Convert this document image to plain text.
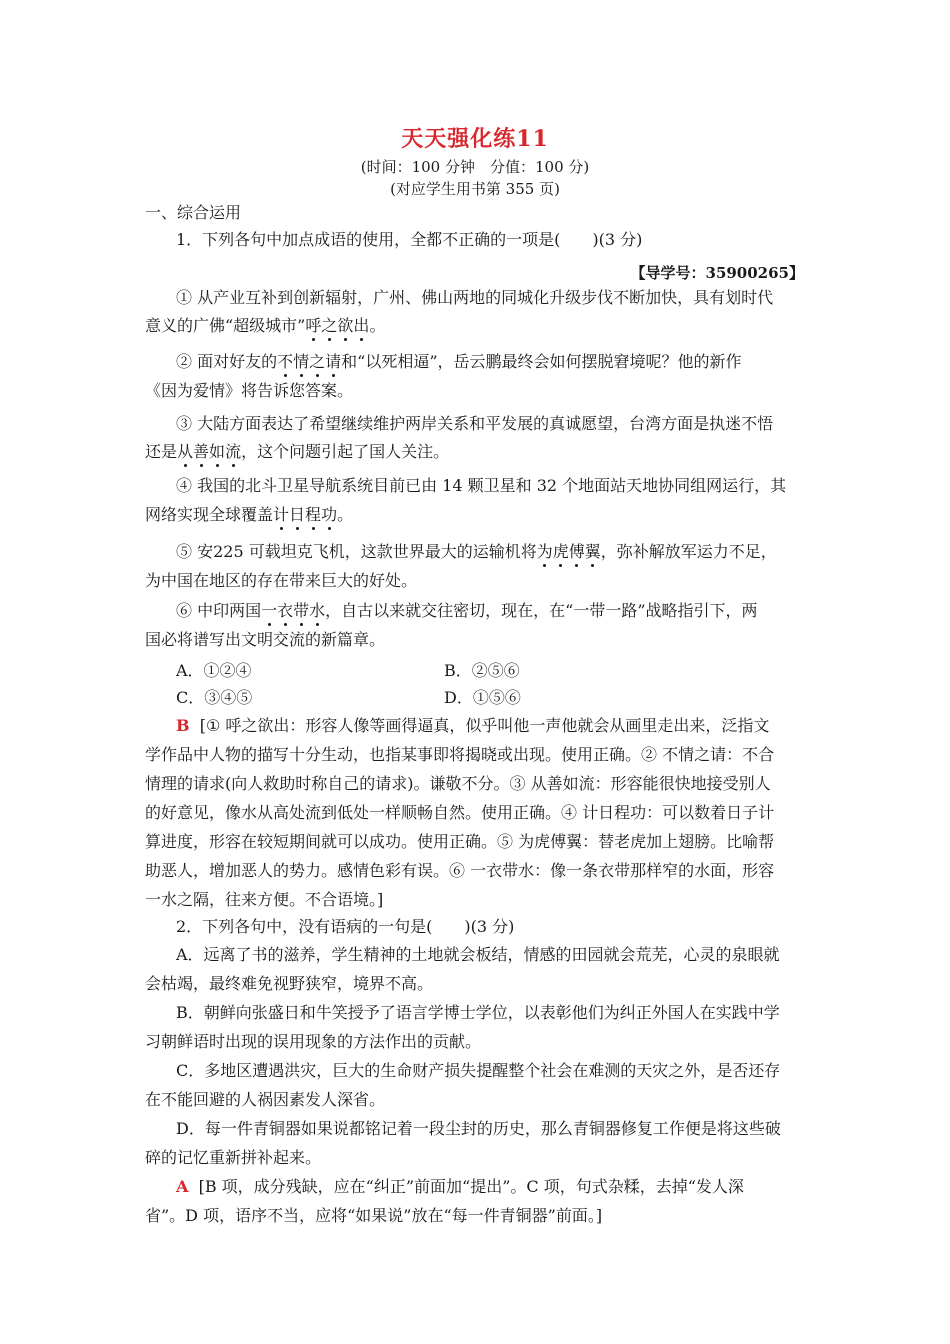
天天强化练11
(时间：100 分钟　分值：100 分)
(对应学生用书第 355 页)
一、综合运用
1．下列各句中加点成语的使用，全都不正确的一项是(　　)(3 分)
【导学号：35900265】
① 从产业互补到创新辐射，广州、佛山两地的同城化升级步伐不断加快，具有划时代
意义的广佛“超级城市”呼之欲出。
② 面对好友的不情之请和“以死相逼”，岳云鹏最终会如何摆脱窘境呢？他的新作
《因为爱情》将告诉您答案。
③ 大陆方面表达了希望继续维护两岸关系和平发展的真诚愿望，台湾方面是执迷不悟
还是从善如流，这个问题引起了国人关注。
④ 我国的北斗卫星导航系统目前已由 14 颗卫星和 32 个地面站天地协同组网运行，其
网络实现全球覆盖计日程功。
⑤ 安225 可载坦克飞机，这款世界最大的运输机将为虎傅翼，弥补解放军运力不足，
为中国在地区的存在带来巨大的好处。
⑥ 中印两国一衣带水，自古以来就交往密切，现在，在“一带一路”战略指引下，两
国必将谱写出文明交流的新篇章。
A．①②④	B．②⑤⑥
C．③④⑤	D．①⑤⑥
B [① 呼之欲出：形容人像等画得逼真，似乎叫他一声他就会从画里走出来，泛指文
学作品中人物的描写十分生动，也指某事即将揭晓或出现。使用正确。② 不情之请：不合
情理的请求(向人救助时称自己的请求)。谦敬不分。③ 从善如流：形容能很快地接受别人
的好意见，像水从高处流到低处一样顺畅自然。使用正确。④ 计日程功：可以数着日子计
算进度，形容在较短期间就可以成功。使用正确。⑤ 为虎傅翼：替老虎加上翅膀。比喻帮
助恶人，增加恶人的势力。感情色彩有误。⑥ 一衣带水：像一条衣带那样窄的水面，形容
一水之隔，往来方便。不合语境。]
2．下列各句中，没有语病的一句是(　　)(3 分)
A．远离了书的滋养，学生精神的土地就会板结，情感的田园就会荒芜，心灵的泉眼就
会枯竭，最终难免视野狭窄，境界不高。
B．朝鲜向张盛日和牛笑授予了语言学博士学位，以表彰他们为纠正外国人在实践中学
习朝鲜语时出现的误用现象的方法作出的贡献。
C．多地区遭遇洪灾，巨大的生命财产损失提醒整个社会在难测的天灾之外，是否还存
在不能回避的人祸因素发人深省。
D．每一件青铜器如果说都铭记着一段尘封的历史，那么青铜器修复工作便是将这些破
碎的记忆重新拼补起来。
A [B 项，成分残缺，应在“纠正”前面加“提出”。C 项，句式杂糅，去掉“发人深
省”。D 项，语序不当，应将“如果说”放在“每一件青铜器”前面。]
